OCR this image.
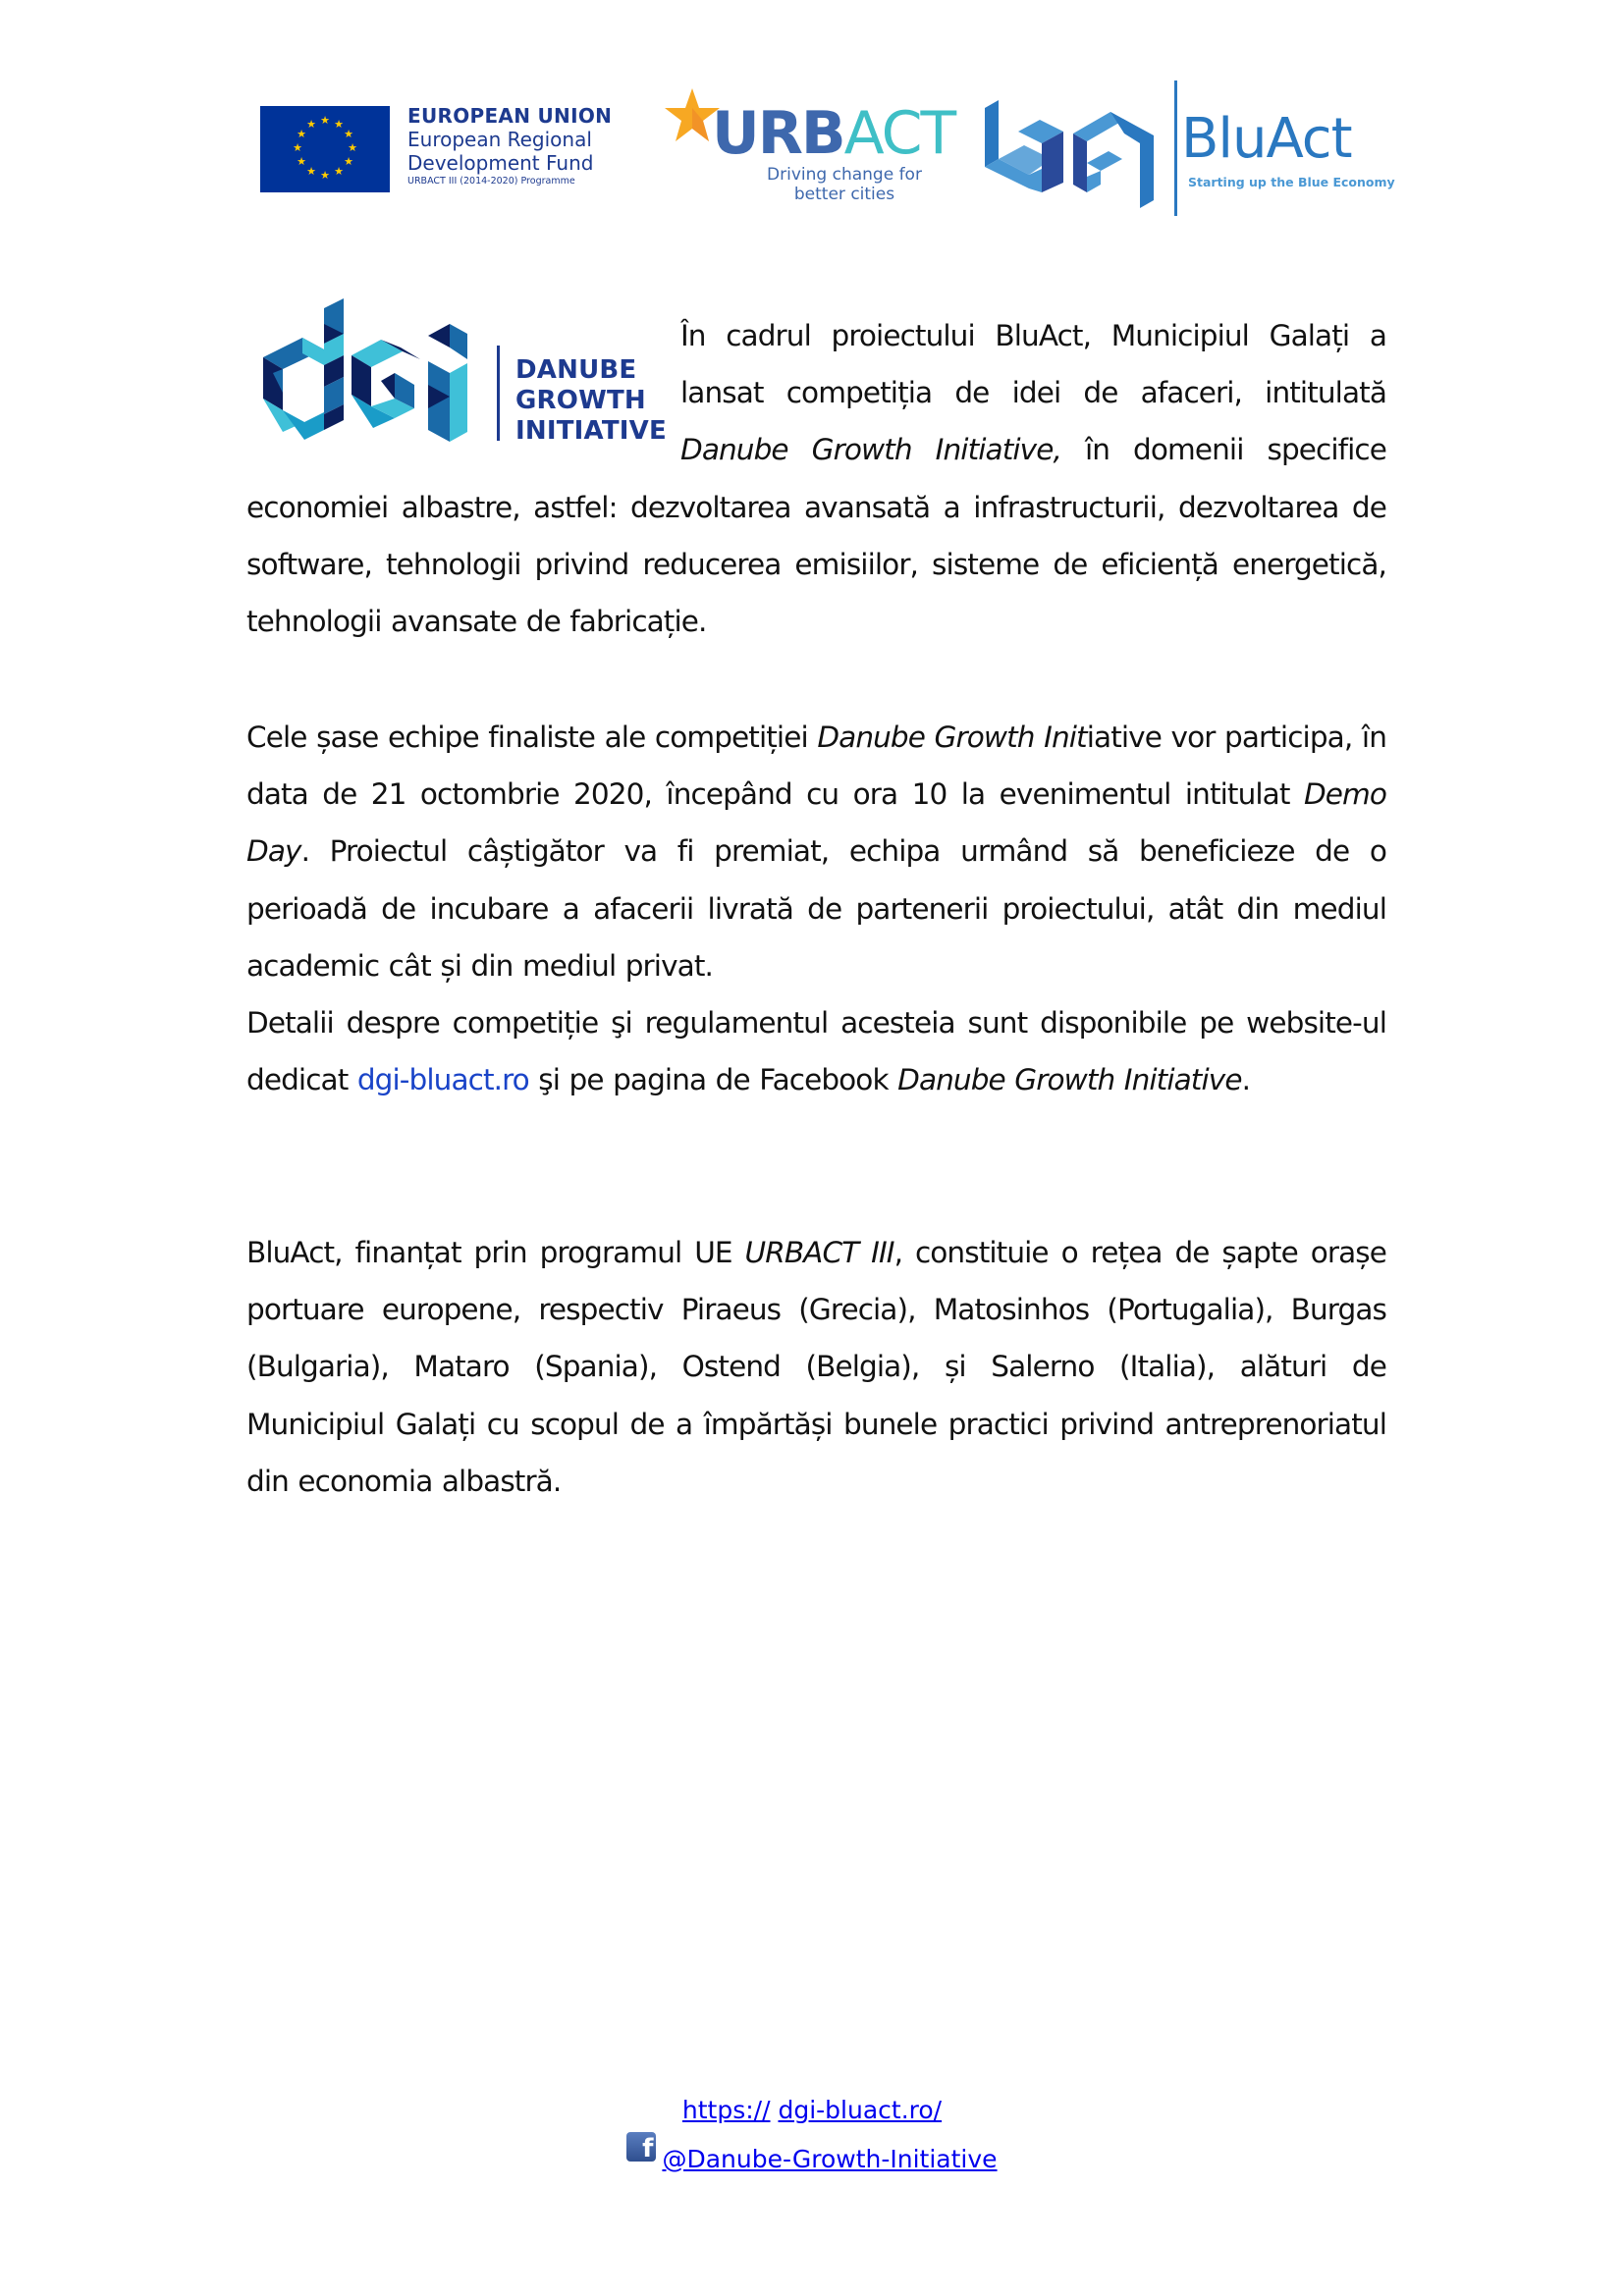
★ ★
★
★
★
★
★
★
★
★
★
★	EUROPEAN UNION
European Regional
Development Fund
URBACT III (2014-2020) Programme
URBACT
Driving change for
better cities
BluAct
Starting up the Blue Economy
DANUBE
GROWTH
INITIATIVE
În cadrul proiectului BluAct, Municipiul Galați a lansat competiția de idei de afaceri, intitulată Danube Growth Initiative, în domenii specifice economiei albastre, astfel: dezvoltarea avansată a infrastructurii, dezvoltarea de software, tehnologii privind reducerea emisiilor, sisteme de eficiență energetică, tehnologii avansate de fabricație.
Cele șase echipe finaliste ale competiției Danube Growth Initiative vor participa, în data de 21 octombrie 2020, începând cu ora 10 la evenimentul intitulat Demo Day. Proiectul câștigător va fi premiat, echipa urmând să beneficieze de o perioadă de incubare a afacerii livrată de partenerii proiectului, atât din mediul academic cât și din mediul privat.
Detalii despre competiție şi regulamentul acesteia sunt disponibile pe website-ul dedicat dgi-bluact.ro şi pe pagina de Facebook Danube Growth Initiative.
BluAct, finanțat prin programul UE URBACT III, constituie o rețea de șapte orașe portuare europene, respectiv Piraeus (Grecia), Matosinhos (Portugalia), Burgas (Bulgaria), Mataro (Spania), Ostend (Belgia), și Salerno (Italia), alături de Municipiul Galați cu scopul de a împărtăși bunele practici privind antreprenoriatul din economia albastră.
https:// dgi-bluact.ro/
f @Danube-Growth-Initiative
